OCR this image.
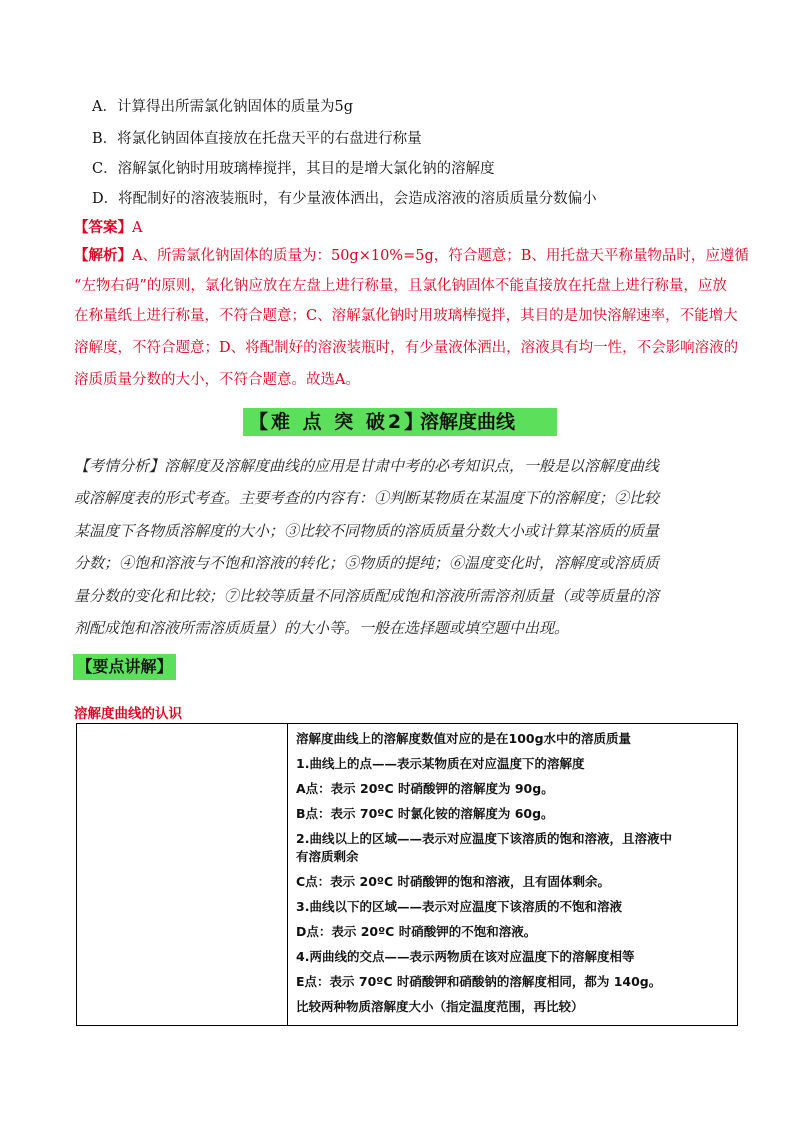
A．计算得出所需氯化钠固体的质量为5g
B．将氯化钠固体直接放在托盘天平的右盘进行称量
C．溶解氯化钠时用玻璃棒搅拌，其目的是增大氯化钠的溶解度
D．将配制好的溶液装瓶时，有少量液体洒出，会造成溶液的溶质质量分数偏小
【答案】A
【解析】A、所需氯化钠固体的质量为：50g×10%=5g，符合题意；B、用托盘天平称量物品时，应遵循
“左物右码”的原则，氯化钠应放在左盘上进行称量，且氯化钠固体不能直接放在托盘上进行称量，应放
在称量纸上进行称量，不符合题意；C、溶解氯化钠时用玻璃棒搅拌，其目的是加快溶解速率，不能增大
溶解度，不符合题意；D、将配制好的溶液装瓶时，有少量液体洒出，溶液具有均一性，不会影响溶液的
溶质质量分数的大小，不符合题意。故选A。
【难 点 突 破2】
溶解度曲线
【考情分析】溶解度及溶解度曲线的应用是甘肃中考的必考知识点，一般是以溶解度曲线
或溶解度表的形式考查。主要考查的内容有：①判断某物质在某温度下的溶解度；②比较
某温度下各物质溶解度的大小；③比较不同物质的溶质质量分数大小或计算某溶质的质量
分数；④饱和溶液与不饱和溶液的转化；⑤物质的提纯；⑥温度变化时，溶解度或溶质质
量分数的变化和比较；⑦比较等质量不同溶质配成饱和溶液所需溶剂质量（或等质量的溶
剂配成饱和溶液所需溶质质量）的大小等。一般在选择题或填空题中出现。
【要点讲解】
溶解度曲线的认识

溶解度曲线上的溶解度数值对应的是在100g水中的溶质质量

1.曲线上的点——表示某物质在对应温度下的溶解度

A点：表示 20ºC 时硝酸钾的溶解度为 90g。

B点：表示 70ºC 时氯化铵的溶解度为 60g。

2.曲线以上的区域——表示对应温度下该溶质的饱和溶液，且溶液中

有溶质剩余

C点：表示 20ºC 时硝酸钾的饱和溶液，且有固体剩余。

3.曲线以下的区域——表示对应温度下该溶质的不饱和溶液

D点：表示 20ºC 时硝酸钾的不饱和溶液。

4.两曲线的交点——表示两物质在该对应温度下的溶解度相等

E点：表示 70ºC 时硝酸钾和硝酸钠的溶解度相同，都为 140g。

比较两种物质溶解度大小（指定温度范围，再比较）
